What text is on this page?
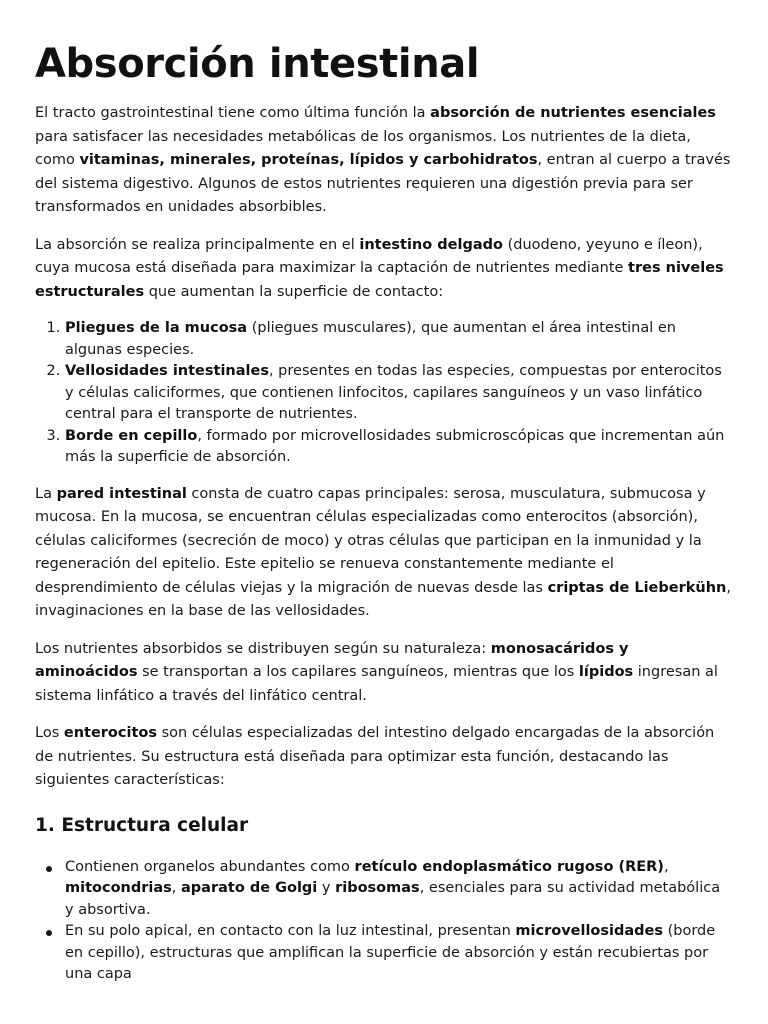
Absorción intestinal

El tracto gastrointestinal tiene como última función la absorción de nutrientes esenciales para satisfacer las necesidades metabólicas de los organismos. Los nutrientes de la dieta, como vitaminas, minerales, proteínas, lípidos y carbohidratos, entran al cuerpo a través del sistema digestivo. Algunos de estos nutrientes requieren una digestión previa para ser transformados en unidades absorbibles.

La absorción se realiza principalmente en el intestino delgado (duodeno, yeyuno e íleon), cuya mucosa está diseñada para maximizar la captación de nutrientes mediante tres niveles estructurales que aumentan la superficie de contacto:

1. Pliegues de la mucosa (pliegues musculares), que aumentan el área intestinal en algunas especies.
2. Vellosidades intestinales, presentes en todas las especies, compuestas por enterocitos y células caliciformes, que contienen linfocitos, capilares sanguíneos y un vaso linfático central para el transporte de nutrientes.
3. Borde en cepillo, formado por microvellosidades submicroscópicas que incrementan aún más la superficie de absorción.

La pared intestinal consta de cuatro capas principales: serosa, musculatura, submucosa y mucosa. En la mucosa, se encuentran células especializadas como enterocitos (absorción), células caliciformes (secreción de moco) y otras células que participan en la inmunidad y la regeneración del epitelio. Este epitelio se renueva constantemente mediante el desprendimiento de células viejas y la migración de nuevas desde las criptas de Lieberkühn, invaginaciones en la base de las vellosidades.

Los nutrientes absorbidos se distribuyen según su naturaleza: monosacáridos y aminoácidos se transportan a los capilares sanguíneos, mientras que los lípidos ingresan al sistema linfático a través del linfático central.

Los enterocitos son células especializadas del intestino delgado encargadas de la absorción de nutrientes. Su estructura está diseñada para optimizar esta función, destacando las siguientes características:

1. Estructura celular
Contienen organelos abundantes como retículo endoplasmático rugoso (RER), mitocondrias, aparato de Golgi y ribosomas, esenciales para su actividad metabólica y absortiva.
En su polo apical, en contacto con la luz intestinal, presentan microvellosidades (borde en cepillo), estructuras que amplifican la superficie de absorción y están recubiertas por una capa
